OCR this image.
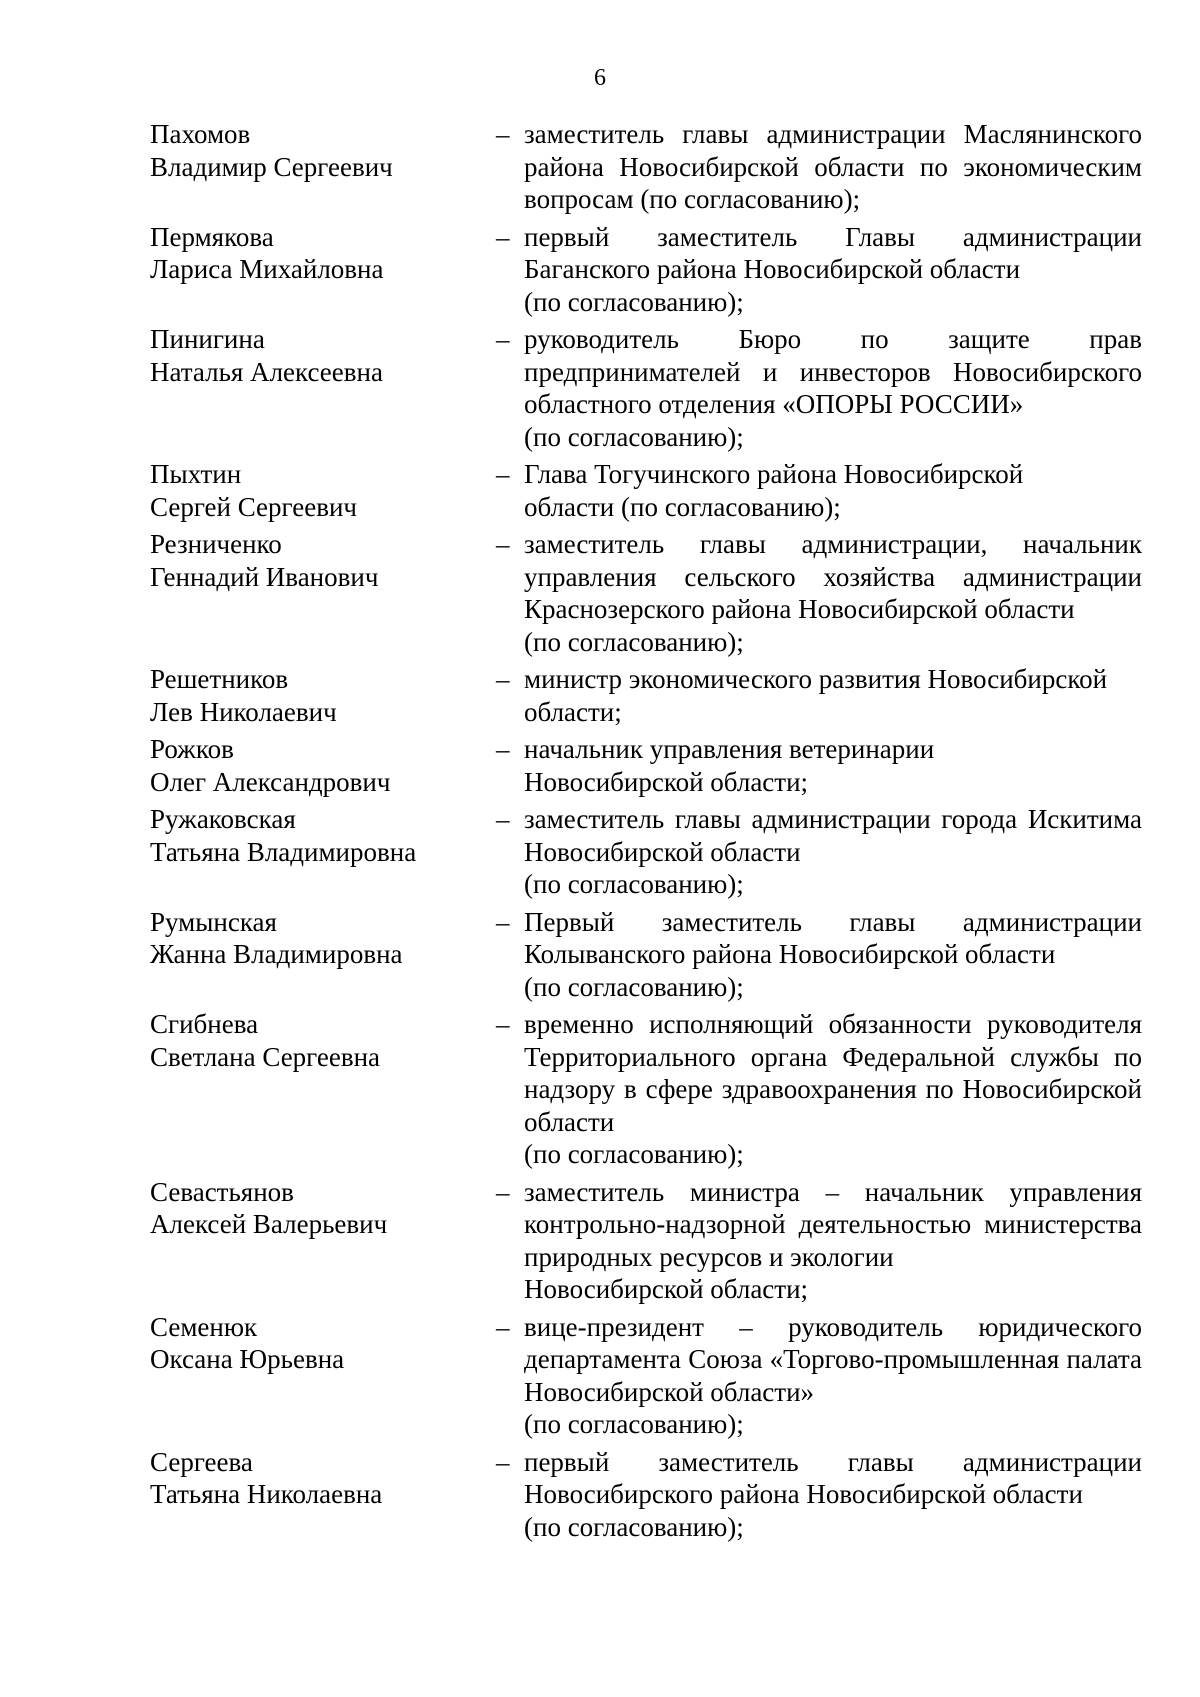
6
Пахомов
Владимир Сергеевич
– заместитель главы администрации Маслянинского района Новосибирской области по экономическим вопросам (по согласованию);
Пермякова
Лариса Михайловна
– первый заместитель Главы администрации Баганского района Новосибирской области
(по согласованию);
Пинигина
Наталья Алексеевна
– руководитель Бюро по защите прав предпринимателей и инвесторов Новосибирского областного отделения «ОПОРЫ РОССИИ»
(по согласованию);
Пыхтин
Сергей Сергеевич
– Глава Тогучинского района Новосибирской
области (по согласованию);
Резниченко
Геннадий Иванович
– заместитель главы администрации, начальник управления сельского хозяйства администрации Краснозерского района Новосибирской области
(по согласованию);
Решетников
Лев Николаевич
– министр экономического развития Новосибирской
области;
Рожков
Олег Александрович
– начальник управления ветеринарии
Новосибирской области;
Ружаковская
Татьяна Владимировна
– заместитель главы администрации города Искитима Новосибирской области
(по согласованию);
Румынская
Жанна Владимировна
– Первый заместитель главы администрации Колыванского района Новосибирской области
(по согласованию);
Сгибнева
Светлана Сергеевна
– временно исполняющий обязанности руководителя Территориального органа Федеральной службы по надзору в сфере здравоохранения по Новосибирской области
(по согласованию);
Севастьянов
Алексей Валерьевич
– заместитель министра – начальник управления контрольно-надзорной деятельностью министерства природных ресурсов и экологии
Новосибирской области;
Семенюк
Оксана Юрьевна
– вице-президент – руководитель юридического департамента Союза «Торгово-промышленная палата Новосибирской области»
(по согласованию);
Сергеева
Татьяна Николаевна
– первый заместитель главы администрации Новосибирского района Новосибирской области
(по согласованию);
